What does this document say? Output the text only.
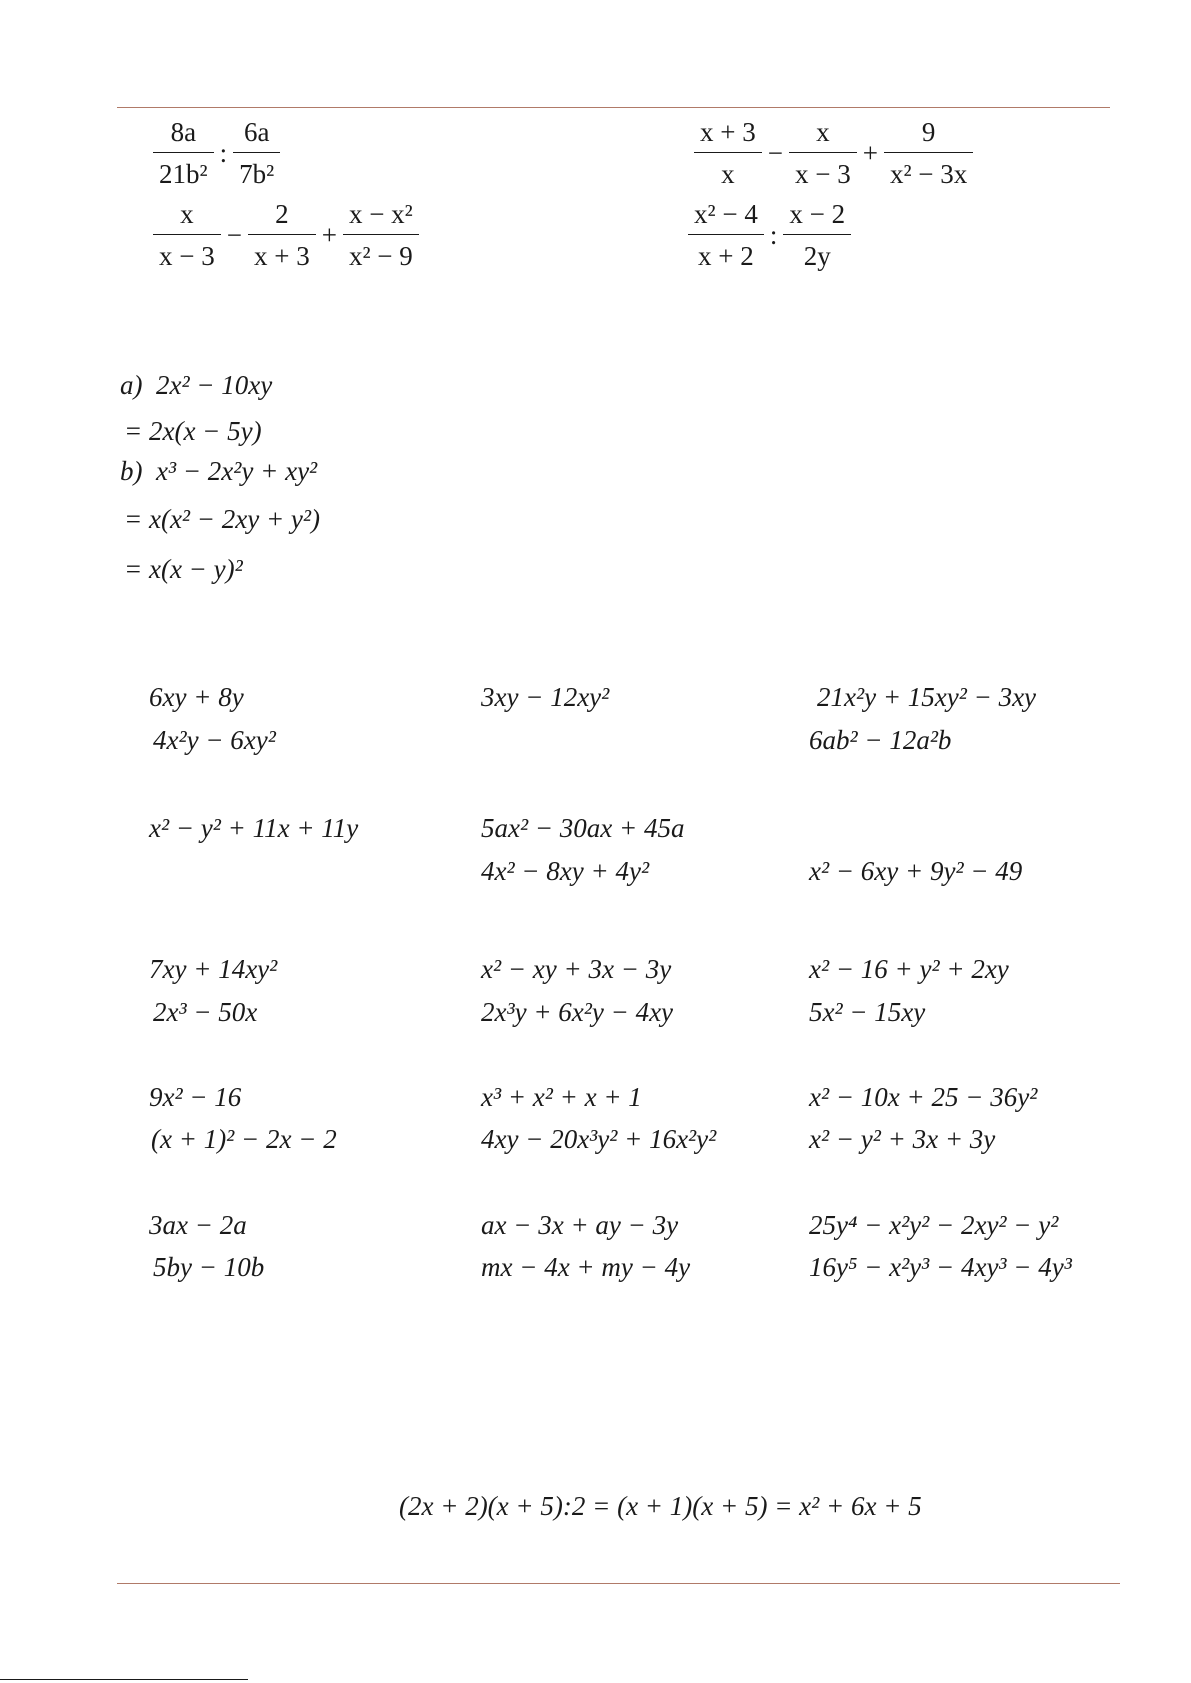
$\frac{8a}{\text{21b²}}$ : $\frac{6a}{\text{7b²}}$	$\frac{x + 3}{x} - \frac{x}{x - 3} + \frac{9}{\text{x² − 3x}}$
$\frac{x}{x - 3} - \frac{2}{x + 3} + \frac{\text{x − x²}}{\text{x² − 9}}$	$\frac{\text{x² − 4}}{x + 2}$ : $\frac{x - 2}{2y}$
a) 2x² − 10xy
= 2x(x − 5y)
b) x³ − 2x²y + xy²
= x(x² − 2xy + y²)
= x(x − y)²
6xy + 8y
4x²y − 6xy²
x² − y² + 11x + 11y
7xy + 14xy²
2x³ − 50x
9x² − 16
(x + 1)² − 2x − 2
3ax − 2a
5by − 10b
3xy − 12xy²
5ax² − 30ax + 45a
4x² − 8xy + 4y²
x² − xy + 3x − 3y
2x³y + 6x²y − 4xy
x³ + x² + x + 1
4xy − 20x³y² + 16x²y²
ax − 3x + ay − 3y
mx − 4x + my − 4y
21x²y + 15xy² − 3xy
6ab² − 12a²b
x² − 6xy + 9y² − 49
x² − 16 + y² + 2xy
5x² − 15xy
x² − 10x + 25 − 36y²
x² − y² + 3x + 3y
25y⁴ − x²y² − 2xy² − y²
16y⁵ − x²y³ − 4xy³ − 4y³
(2x + 2)(x + 5):2 = (x + 1)(x + 5) = x² + 6x + 5
